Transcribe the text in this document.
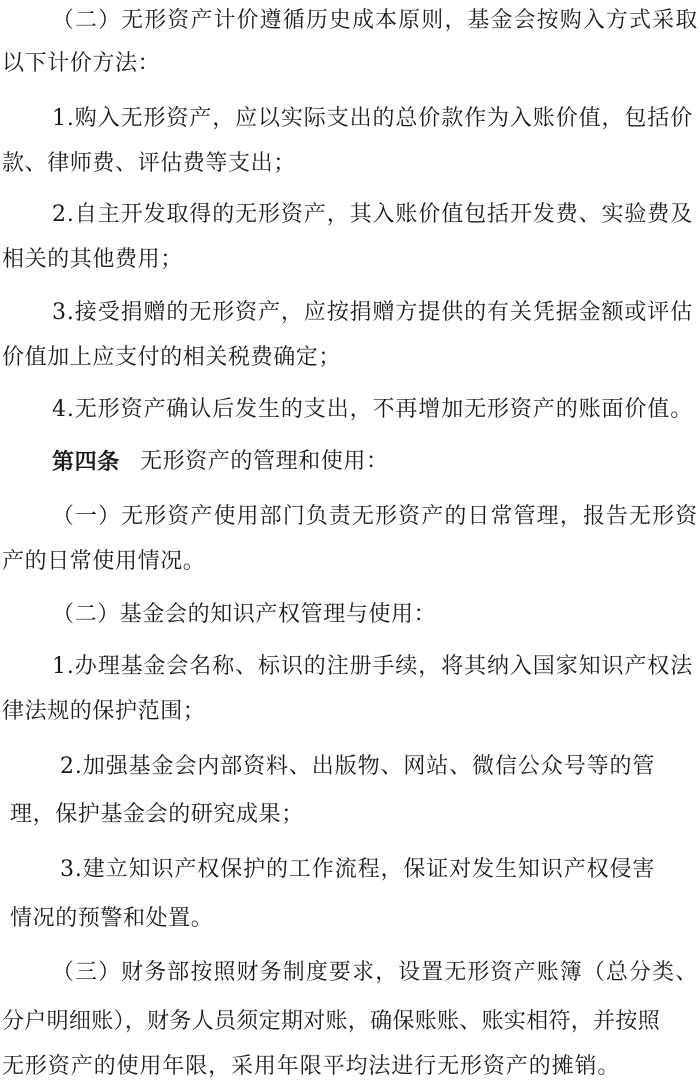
（二）无形资产计价遵循历史成本原则，基金会按购入方式采取
以下计价方法：
1.购入无形资产，应以实际支出的总价款作为入账价值，包括价
款、律师费、评估费等支出；
2.自主开发取得的无形资产，其入账价值包括开发费、实验费及
相关的其他费用；
3.接受捐赠的无形资产，应按捐赠方提供的有关凭据金额或评估
价值加上应支付的相关税费确定；
4.无形资产确认后发生的支出，不再增加无形资产的账面价值。
第四条 无形资产的管理和使用：
（一）无形资产使用部门负责无形资产的日常管理，报告无形资
产的日常使用情况。
（二）基金会的知识产权管理与使用：
1.办理基金会名称、标识的注册手续，将其纳入国家知识产权法
律法规的保护范围；
2.加强基金会内部资料、出版物、网站、微信公众号等的管
理，保护基金会的研究成果；
3.建立知识产权保护的工作流程，保证对发生知识产权侵害
情况的预警和处置。
（三）财务部按照财务制度要求，设置无形资产账簿（总分类、
分户明细账），财务人员须定期对账，确保账账、账实相符，并按照
无形资产的使用年限，采用年限平均法进行无形资产的摊销。
